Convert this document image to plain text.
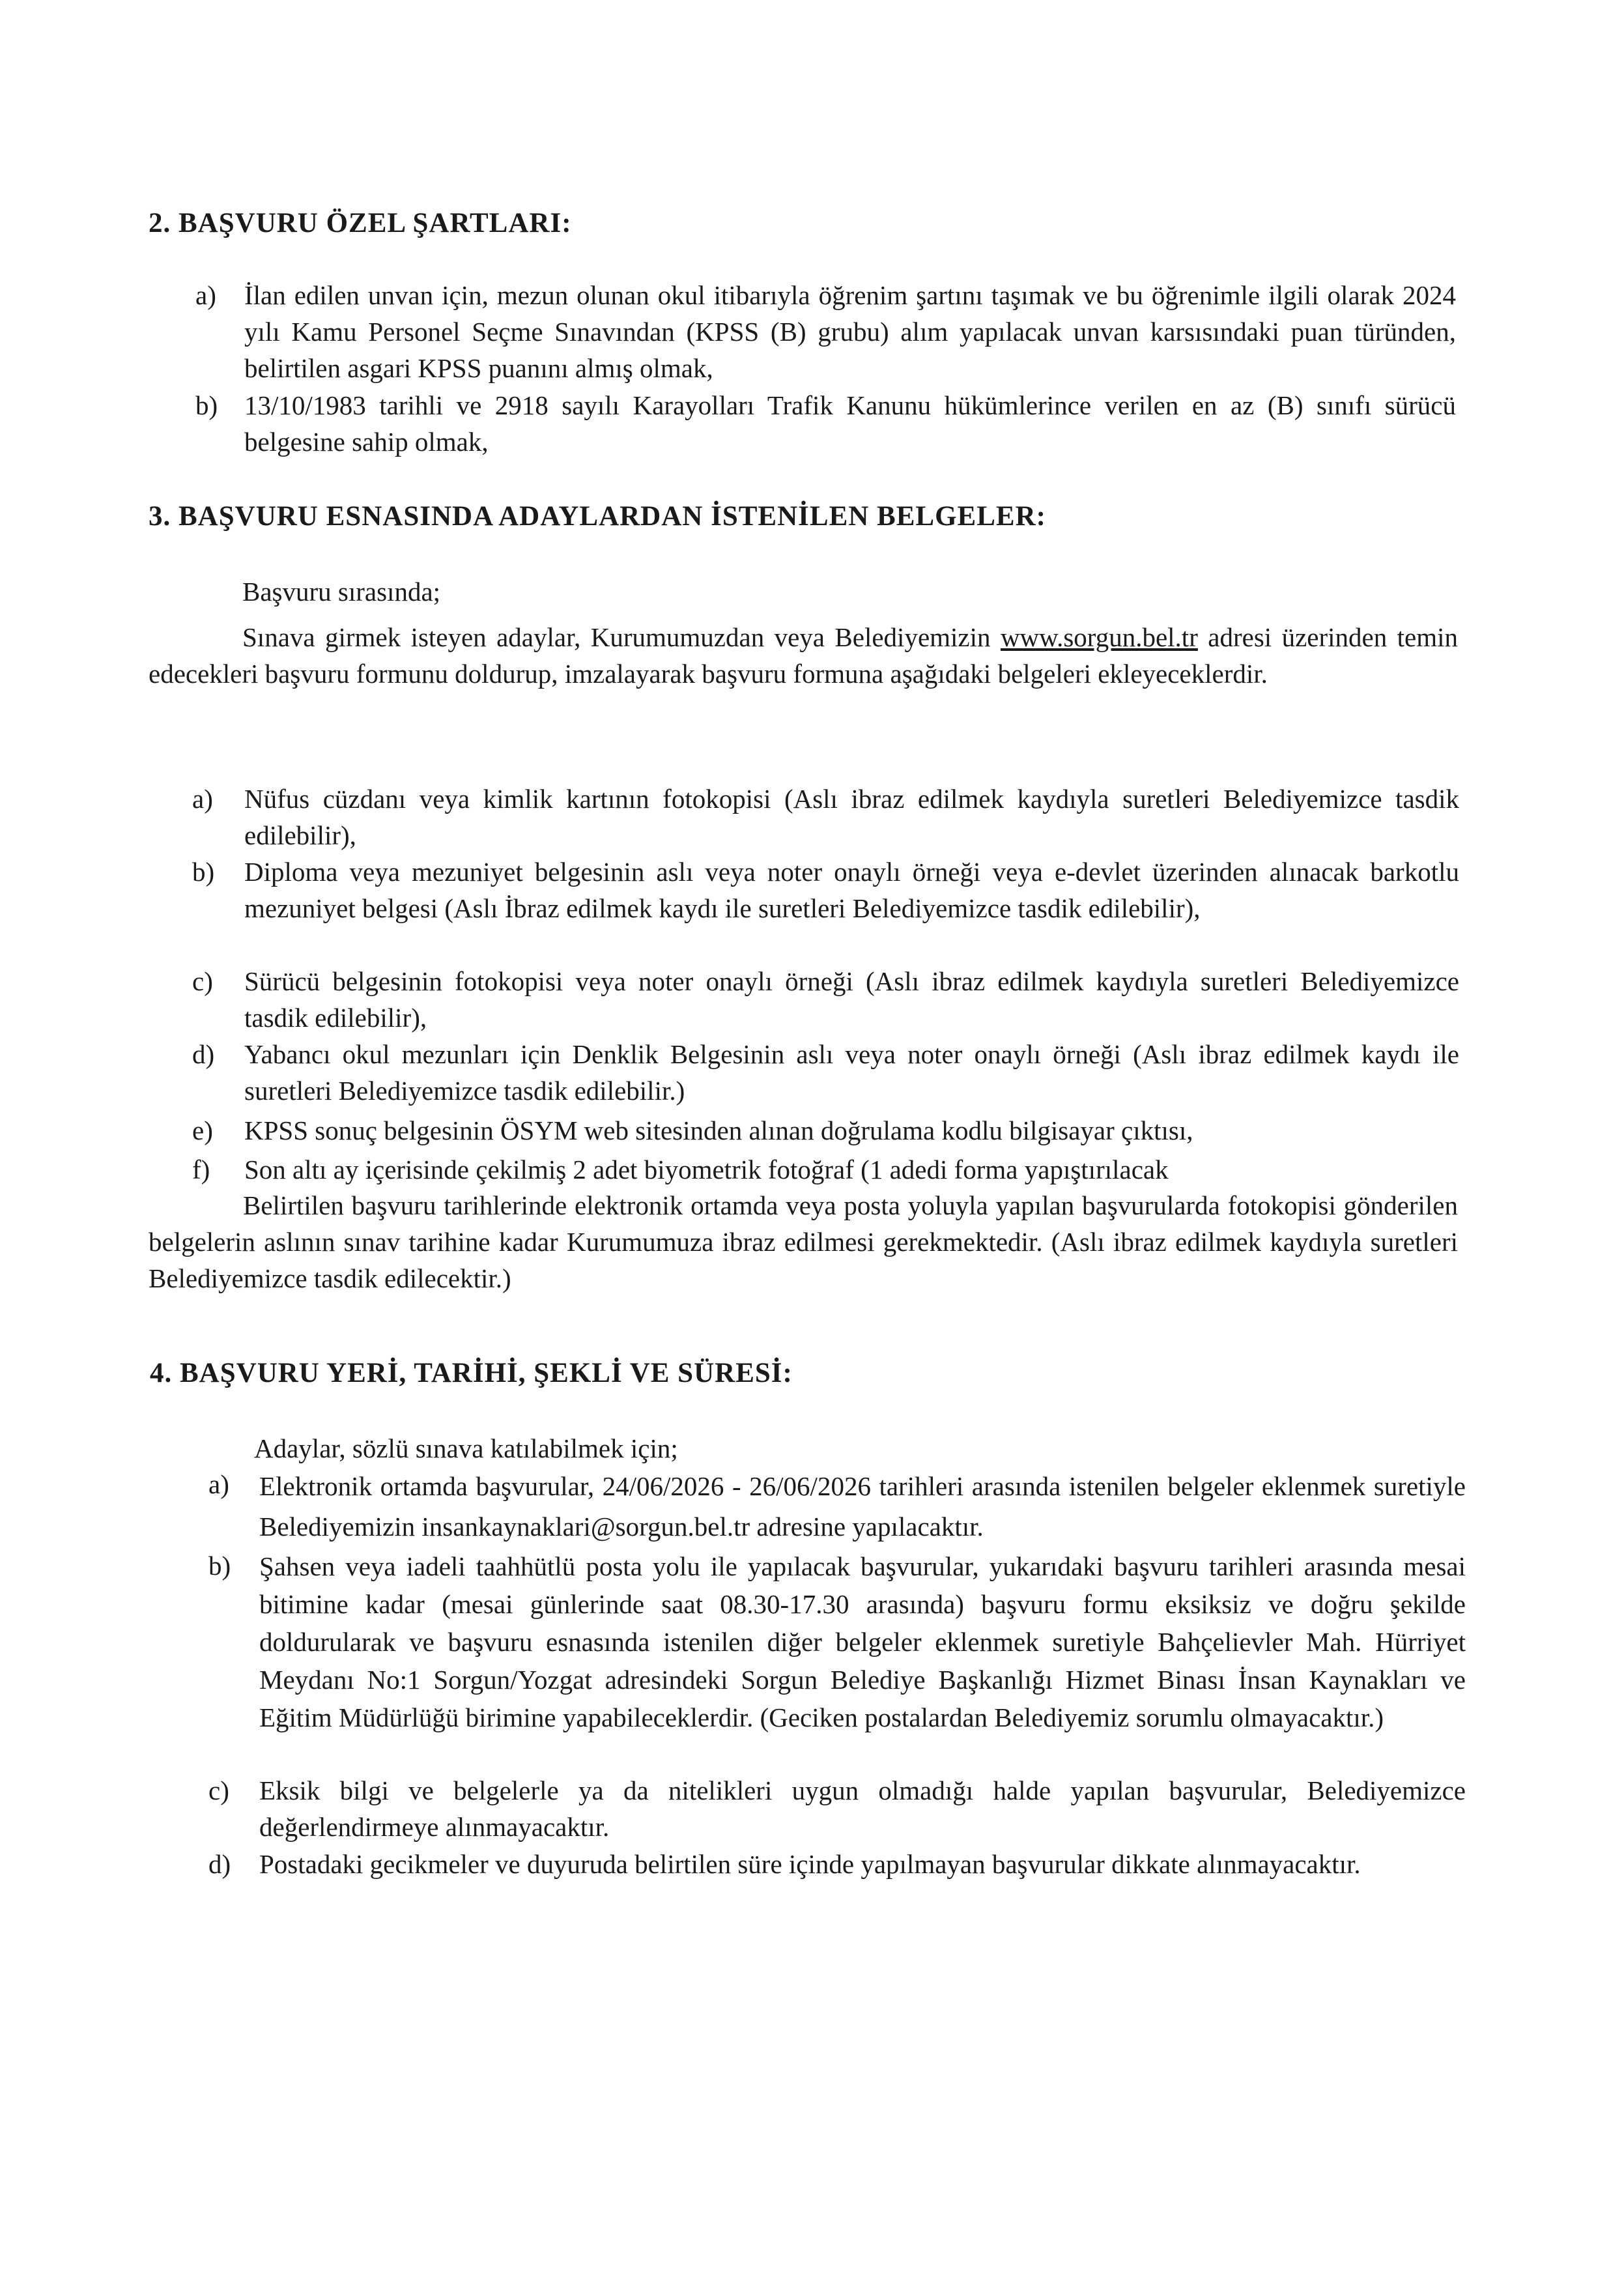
2. BAŞVURU ÖZEL ŞARTLARI:
a) İlan edilen unvan için, mezun olunan okul itibarıyla öğrenim şartını taşımak ve bu öğrenimle ilgili olarak 2024 yılı Kamu Personel Seçme Sınavından (KPSS (B) grubu) alım yapılacak unvan karsısındaki puan türünden, belirtilen asgari KPSS puanını almış olmak,

b) 13/10/1983 tarihli ve 2918 sayılı Karayolları Trafik Kanunu hükümlerince verilen en az (B) sınıfı sürücü belgesine sahip olmak,

3. BAŞVURU ESNASINDA ADAYLARDAN İSTENİLEN BELGELER:
Başvuru sırasında;

Sınava girmek isteyen adaylar, Kurumumuzdan veya Belediyemizin www.sorgun.bel.tr adresi üzerinden temin edecekleri başvuru formunu doldurup, imzalayarak başvuru formuna aşağıdaki belgeleri ekleyeceklerdir.

a) Nüfus cüzdanı veya kimlik kartının fotokopisi (Aslı ibraz edilmek kaydıyla suretleri Belediyemizce tasdik edilebilir),

b) Diploma veya mezuniyet belgesinin aslı veya noter onaylı örneği veya e-devlet üzerinden alınacak barkotlu mezuniyet belgesi (Aslı İbraz edilmek kaydı ile suretleri Belediyemizce tasdik edilebilir),

c) Sürücü belgesinin fotokopisi veya noter onaylı örneği (Aslı ibraz edilmek kaydıyla suretleri Belediyemizce tasdik edilebilir),

d) Yabancı okul mezunları için Denklik Belgesinin aslı veya noter onaylı örneği (Aslı ibraz edilmek kaydı ile suretleri Belediyemizce tasdik edilebilir.)

e) KPSS sonuç belgesinin ÖSYM web sitesinden alınan doğrulama kodlu bilgisayar çıktısı,

f) Son altı ay içerisinde çekilmiş 2 adet biyometrik fotoğraf (1 adedi forma yapıştırılacak

Belirtilen başvuru tarihlerinde elektronik ortamda veya posta yoluyla yapılan başvurularda fotokopisi gönderilen belgelerin aslının sınav tarihine kadar Kurumumuza ibraz edilmesi gerekmektedir. (Aslı ibraz edilmek kaydıyla suretleri Belediyemizce tasdik edilecektir.)

4. BAŞVURU YERİ, TARİHİ, ŞEKLİ VE SÜRESİ:
Adaylar, sözlü sınava katılabilmek için;
a) Elektronik ortamda başvurular, 24/06/2026 - 26/06/2026 tarihleri arasında istenilen belgeler eklenmek suretiyle Belediyemizin insankaynaklari@sorgun.bel.tr adresine yapılacaktır.

b) Şahsen veya iadeli taahhütlü posta yolu ile yapılacak başvurular, yukarıdaki başvuru tarihleri arasında mesai bitimine kadar (mesai günlerinde saat 08.30-17.30 arasında) başvuru formu eksiksiz ve doğru şekilde doldurularak ve başvuru esnasında istenilen diğer belgeler eklenmek suretiyle Bahçelievler Mah. Hürriyet Meydanı No:1 Sorgun/Yozgat adresindeki Sorgun Belediye Başkanlığı Hizmet Binası İnsan Kaynakları ve Eğitim Müdürlüğü birimine yapabileceklerdir. (Geciken postalardan Belediyemiz sorumlu olmayacaktır.)

c) Eksik bilgi ve belgelerle ya da nitelikleri uygun olmadığı halde yapılan başvurular, Belediyemizce değerlendirmeye alınmayacaktır.

d) Postadaki gecikmeler ve duyuruda belirtilen süre içinde yapılmayan başvurular dikkate alınmayacaktır.
